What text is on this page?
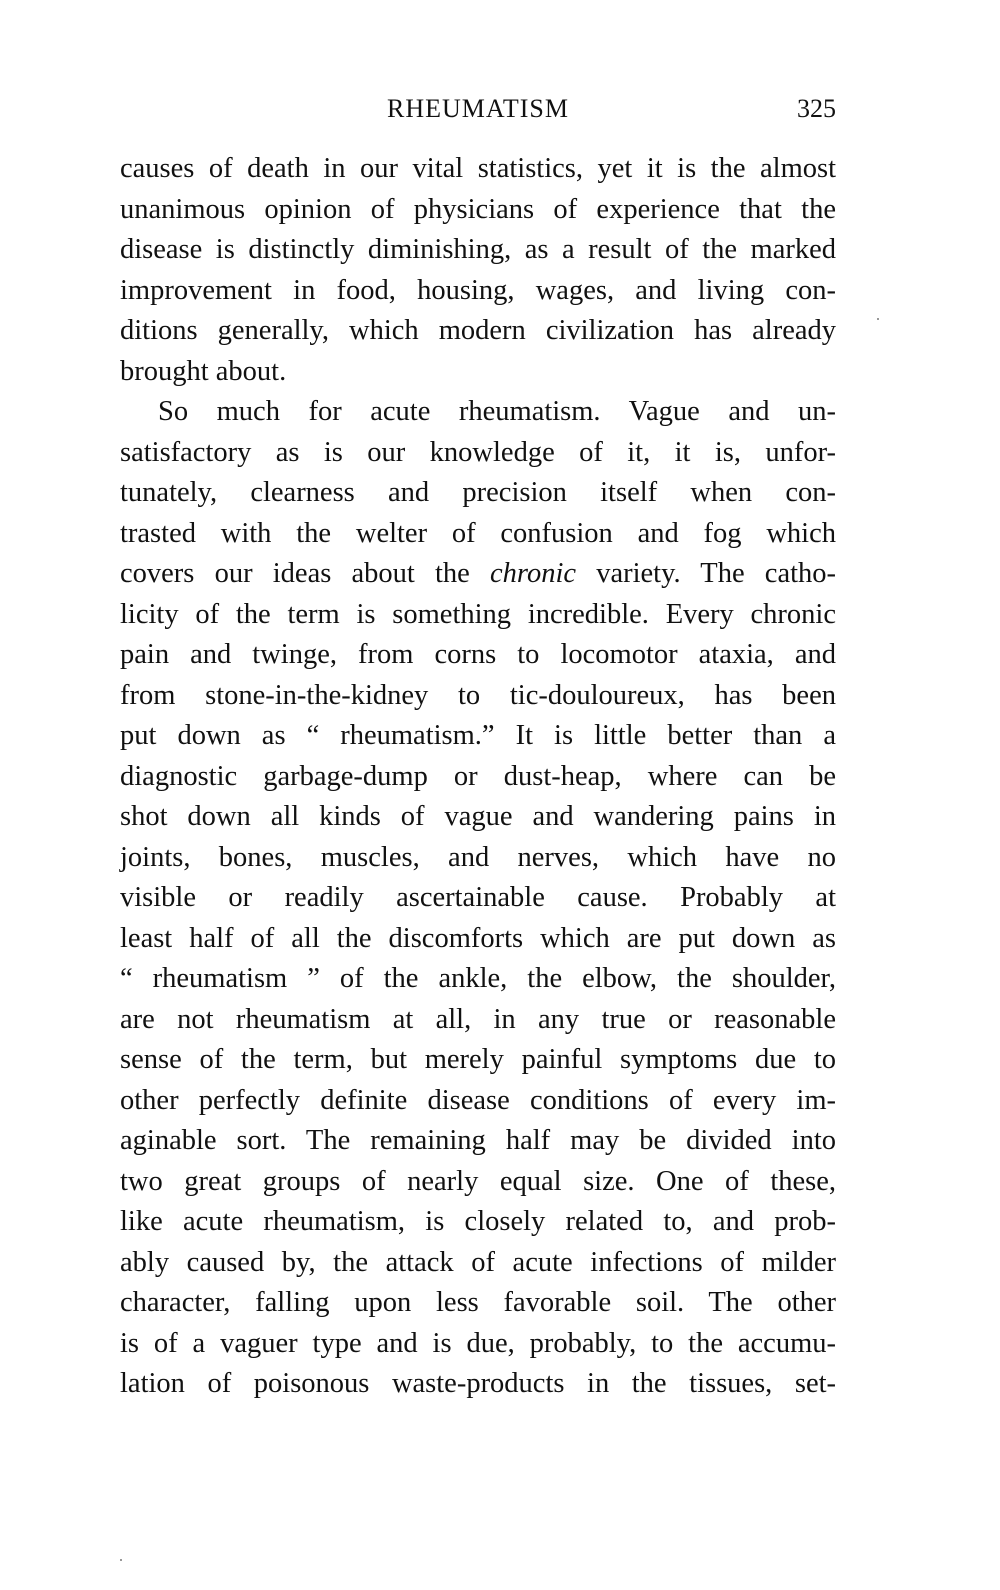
RHEUMATISM	325
causes of death in our vital statistics, yet it is the almost
unanimous opinion of physicians of experience that the
disease is distinctly diminishing, as a result of the marked
improvement in food, housing, wages, and living con-
ditions generally, which modern civilization has already
brought about.
So much for acute rheumatism. Vague and un-
satisfactory as is our knowledge of it, it is, unfor-
tunately, clearness and precision itself when con-
trasted with the welter of confusion and fog which
covers our ideas about the chronic variety. The catho-
licity of the term is something incredible. Every chronic
pain and twinge, from corns to locomotor ataxia, and
from stone-in-the-kidney to tic-douloureux, has been
put down as “ rheumatism.” It is little better than a
diagnostic garbage-dump or dust-heap, where can be
shot down all kinds of vague and wandering pains in
joints, bones, muscles, and nerves, which have no
visible or readily ascertainable cause. Probably at
least half of all the discomforts which are put down as
“ rheumatism ” of the ankle, the elbow, the shoulder,
are not rheumatism at all, in any true or reasonable
sense of the term, but merely painful symptoms due to
other perfectly definite disease conditions of every im-
aginable sort. The remaining half may be divided into
two great groups of nearly equal size. One of these,
like acute rheumatism, is closely related to, and prob-
ably caused by, the attack of acute infections of milder
character, falling upon less favorable soil. The other
is of a vaguer type and is due, probably, to the accumu-
lation of poisonous waste-products in the tissues, set-
